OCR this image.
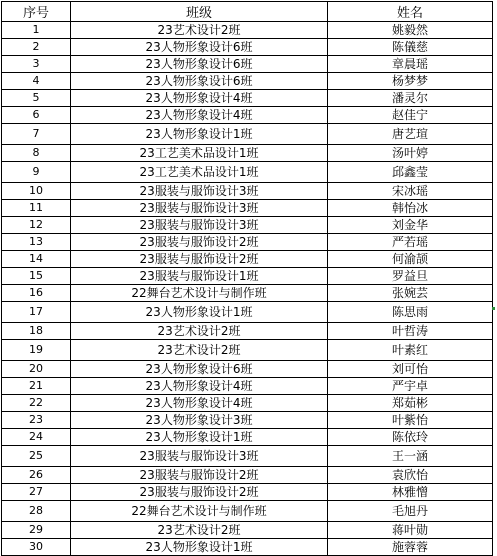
序号	班级	姓名
1	23艺术设计2班	姚毅然
2	23人物形象设计6班	陈儀慈
3	23人物形象设计6班	章晨瑶
4	23人物形象设计6班	杨梦梦
5	23人物形象设计4班	潘灵尔
6	23人物形象设计4班	赵佳宁
7	23人物形象设计1班	唐艺瑄
8	23工艺美术品设计1班	汤叶婷
9	23工艺美术品设计1班	邱鑫莹
10	23服装与服饰设计3班	宋冰瑶
11	23服装与服饰设计3班	韩怡冰
12	23服装与服饰设计3班	刘金华
13	23服装与服饰设计2班	严若瑶
14	23服装与服饰设计2班	何渝颉
15	23服装与服饰设计1班	罗益旦
16	22舞台艺术设计与制作班	张婉芸
17	23人物形象设计1班	陈思雨
18	23艺术设计2班	叶哲涛
19	23艺术设计2班	叶素红
20	23人物形象设计6班	刘可怡
21	23人物形象设计4班	严宇卓
22	23人物形象设计4班	郑茹彬
23	23人物形象设计3班	叶紫怡
24	23人物形象设计1班	陈依玲
25	23服装与服饰设计3班	王一涵
26	23服装与服饰设计2班	袁欣怡
27	23服装与服饰设计2班	林雅憎
28	22舞台艺术设计与制作班	毛旭丹
29	23艺术设计2班	蒋叶勋
30	23人物形象设计1班	施蓉蓉
